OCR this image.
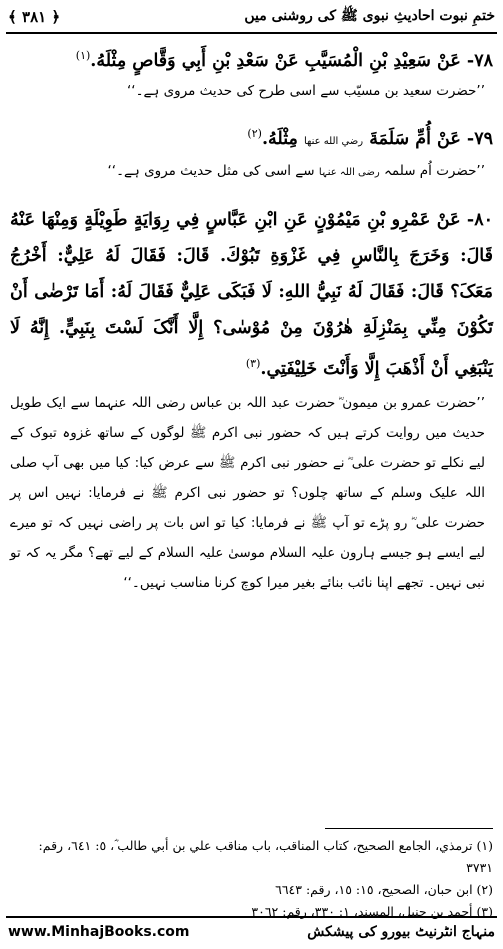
ختمِ نبوت احادیثِ نبوی ﷺ کی روشنی میں
﴿ ۳۸۱ ﴾

٧٨- عَنْ سَعِيْدِ بْنِ الْمُسَيَّبِ عَنْ سَعْدِ بْنِ أَبِي وَقَّاصٍ مِثْلَهُ.$^{(١)}$

’’حضرت سعید بن مسیّب سے اسی طرح کی حدیث مروی ہے۔‘‘

٧٩- عَنْ أُمِّ سَلَمَةَ رضي الله عنها مِثْلَهُ.$^{(٢)}$

’’حضرت اُم سلمہ رضی اللہ عنہا سے اسی کی مثل حدیث مروی ہے۔‘‘

٨٠- عَنْ عَمْرِو بْنِ مَيْمُوْنٍ عَنِ ابْنِ عَبَّاسٍ فِي رِوَايَةٍ طَوِيْلَةٍ وَمِنْهَا عَنْهُ قَالَ: وَخَرَجَ بِالنَّاسِ فِي غَزْوَةِ تَبُوْكَ. قَالَ: فَقَالَ لَهُ عَلِيٌّ: أَخْرُجُ مَعَکَ؟ قَالَ: فَقَالَ لَهُ نَبِيُّ اللهِ: لَا فَبَکَى عَلِيٌّ فَقَالَ لَهُ: أَمَا تَرْضٰى أَنْ تَکُوْنَ مِنِّي بِمَنْزِلَةِ هٰرُوْنَ مِنْ مُوْسٰى؟ إِلَّا أَنَّکَ لَسْتَ بِنَبِيٍّ. إِنَّهُ لَا يَنْبَغِي أَنْ أَذْهَبَ إِلَّا وَأَنْتَ خَلِيْفَتِي.$^{(٣)}$

’’حضرت عمرو بن میمون ؓ حضرت عبد اللہ بن عباس رضی اللہ عنہما سے ایک طویل حدیث میں روایت کرتے ہیں کہ حضور نبی اکرم ﷺ لوگوں کے ساتھ غزوہ تبوک کے لیے نکلے تو حضرت علی ؓ نے حضور نبی اکرم ﷺ سے عرض کیا: کیا میں بھی آپ صلی اللہ علیک وسلم کے ساتھ چلوں؟ تو حضور نبی اکرم ﷺ نے فرمایا: نہیں اس پر حضرت علی ؓ رو پڑے تو آپ ﷺ نے فرمایا: کیا تو اس بات پر راضی نہیں کہ تو میرے لیے ایسے ہو جیسے ہارون علیہ السلام موسیٰ علیہ السلام کے لیے تھے؟ مگر یہ کہ تو نبی نہیں۔ تجھے اپنا نائب بنائے بغیر میرا کوچ کرنا مناسب نہیں۔‘‘

(١) ترمذي، الجامع الصحيح، کتاب المناقب، باب مناقب علي بن أبي طالب ؓ، ٥: ٦٤١، رقم: ٣٧٣١

(٢) ابن حبان، الصحيح، ١٥: ١٥، رقم: ٦٦٤٣

(٣) أحمد بن حنبل، المسند، ١: ٣٣٠، رقم: ٣٠٦٢

www.MinhajBooks.com	منہاج انٹرنیٹ بیورو کی پیشکش
